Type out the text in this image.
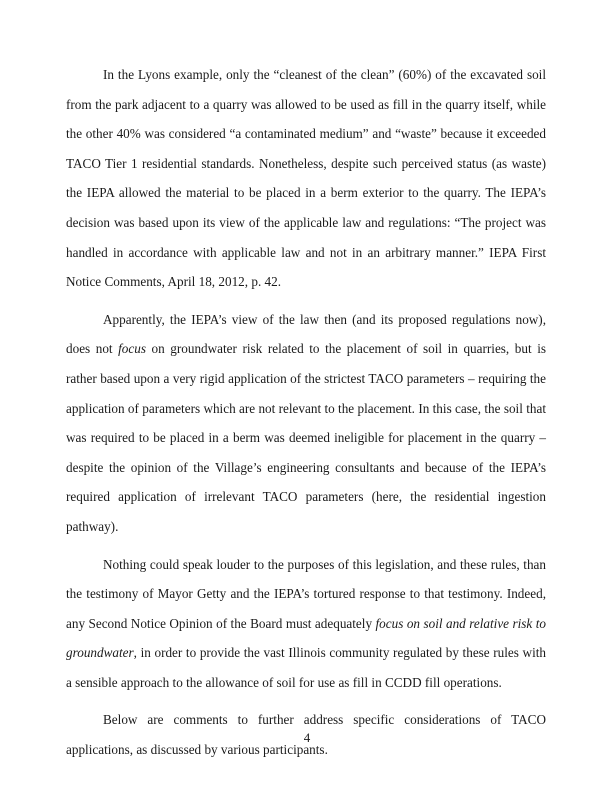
In the Lyons example, only the “cleanest of the clean” (60%) of the excavated soil from the park adjacent to a quarry was allowed to be used as fill in the quarry itself, while the other 40% was considered “a contaminated medium” and “waste” because it exceeded TACO Tier 1 residential standards. Nonetheless, despite such perceived status (as waste) the IEPA allowed the material to be placed in a berm exterior to the quarry. The IEPA’s decision was based upon its view of the applicable law and regulations: “The project was handled in accordance with applicable law and not in an arbitrary manner.” IEPA First Notice Comments, April 18, 2012, p. 42.

Apparently, the IEPA’s view of the law then (and its proposed regulations now), does not focus on groundwater risk related to the placement of soil in quarries, but is rather based upon a very rigid application of the strictest TACO parameters – requiring the application of parameters which are not relevant to the placement. In this case, the soil that was required to be placed in a berm was deemed ineligible for placement in the quarry – despite the opinion of the Village’s engineering consultants and because of the IEPA’s required application of irrelevant TACO parameters (here, the residential ingestion pathway).

Nothing could speak louder to the purposes of this legislation, and these rules, than the testimony of Mayor Getty and the IEPA’s tortured response to that testimony. Indeed, any Second Notice Opinion of the Board must adequately focus on soil and relative risk to groundwater, in order to provide the vast Illinois community regulated by these rules with a sensible approach to the allowance of soil for use as fill in CCDD fill operations.

Below are comments to further address specific considerations of TACO applications, as discussed by various participants.

4
